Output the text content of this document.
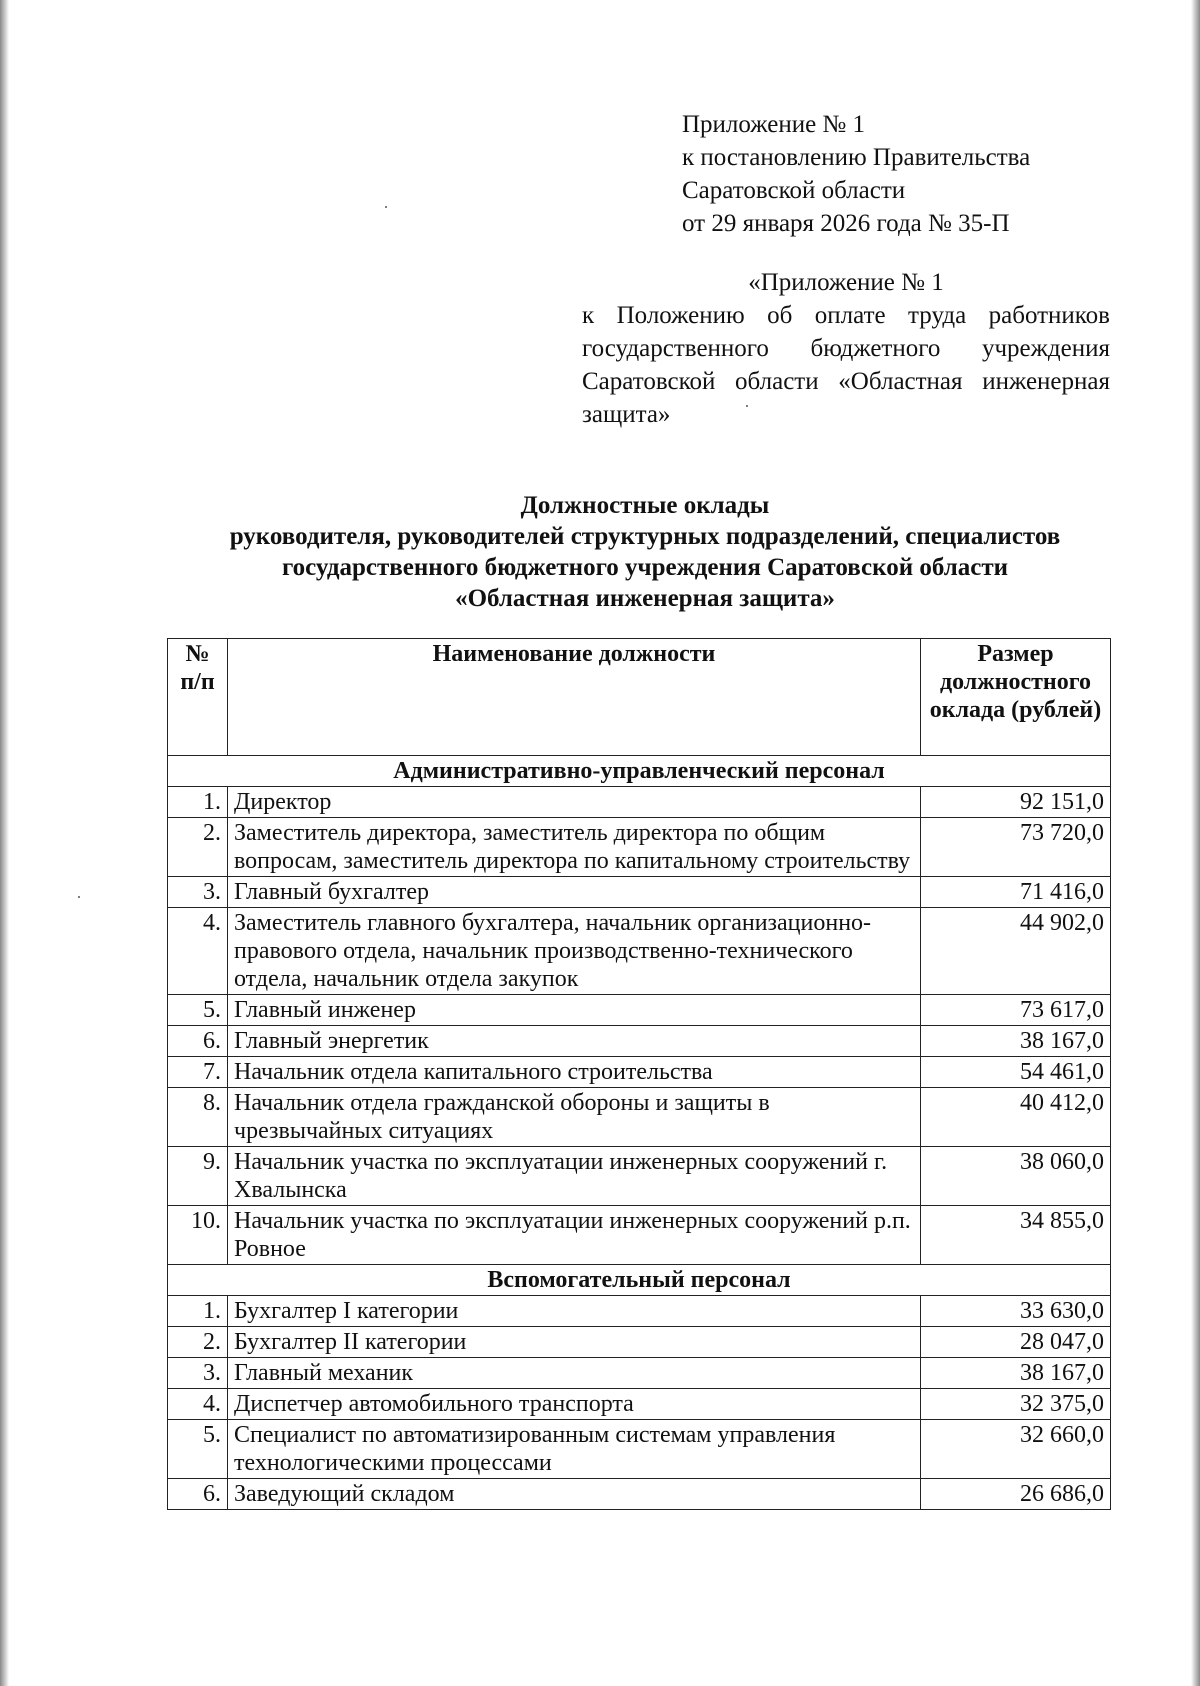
Приложение № 1
к постановлению Правительства
Саратовской области
от 29 января 2026 года № 35-П
«Приложение № 1
к Положению об оплате труда работников государственного бюджетного учреждения Саратовской области «Областная инженерная защита»
Должностные оклады
руководителя, руководителей структурных подразделений, специалистов
государственного бюджетного учреждения Саратовской области
«Областная инженерная защита»
№ п/п	Наименование должности	Размер должностного оклада (рублей)
Административно-управленческий персонал		
1.	Директор	92 151,0
2.	Заместитель директора, заместитель директора по общим вопросам, заместитель директора по капитальному строительству	73 720,0
3.	Главный бухгалтер	71 416,0
4.	Заместитель главного бухгалтера, начальник организационно-правового отдела, начальник производственно-технического отдела, начальник отдела закупок	44 902,0
5.	Главный инженер	73 617,0
6.	Главный энергетик	38 167,0
7.	Начальник отдела капитального строительства	54 461,0
8.	Начальник отдела гражданской обороны и защиты в чрезвычайных ситуациях	40 412,0
9.	Начальник участка по эксплуатации инженерных сооружений г. Хвалынска	38 060,0
10.	Начальник участка по эксплуатации инженерных сооружений р.п. Ровное	34 855,0
Вспомогательный персонал		
1.	Бухгалтер I категории	33 630,0
2.	Бухгалтер II категории	28 047,0
3.	Главный механик	38 167,0
4.	Диспетчер автомобильного транспорта	32 375,0
5.	Специалист по автоматизированным системам управления технологическими процессами	32 660,0
6.	Заведующий складом	26 686,0
